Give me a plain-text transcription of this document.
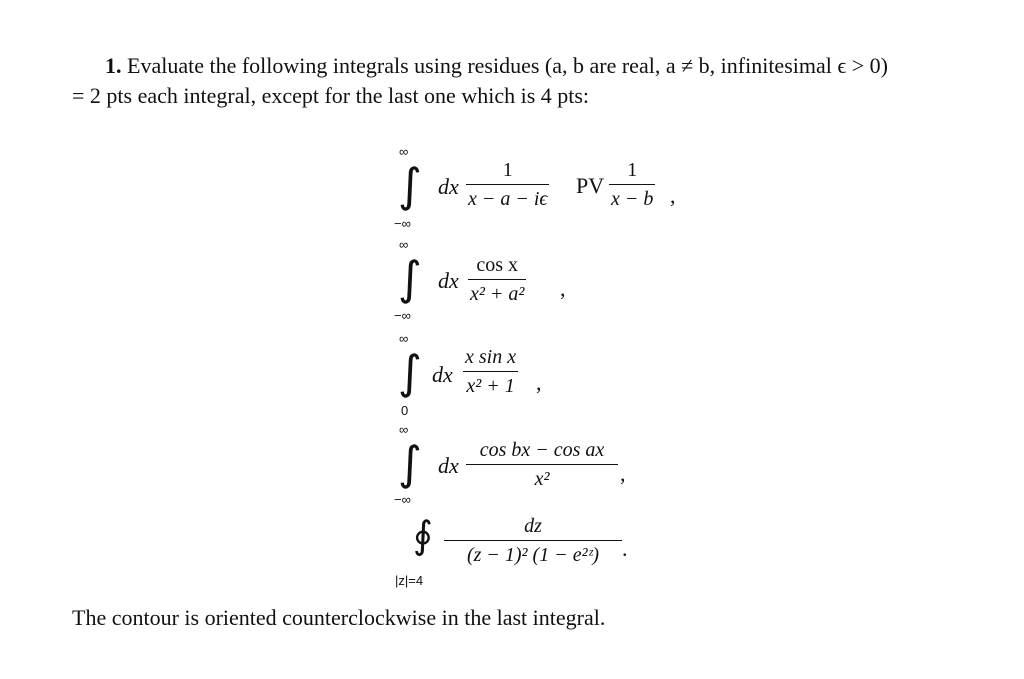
1. Evaluate the following integrals using residues (a, b are real, a ≠ b, infinitesimal ϵ > 0)
= 2 pts each integral, except for the last one which is 4 pts:
∞
∫
−∞
dx
1
x − a − iϵ
PV
1
x − b ,
∞
∫
−∞
dx
cos x
x² + a² ,
∞
∫
0
dx
x sin x
x² + 1 ,
∞
∫
−∞
dx
cos bx − cos ax
x²	,
∮
|z|=4
dz
(z − 1)² (1 − e²ᶻ) .
The contour is oriented counterclockwise in the last integral.
